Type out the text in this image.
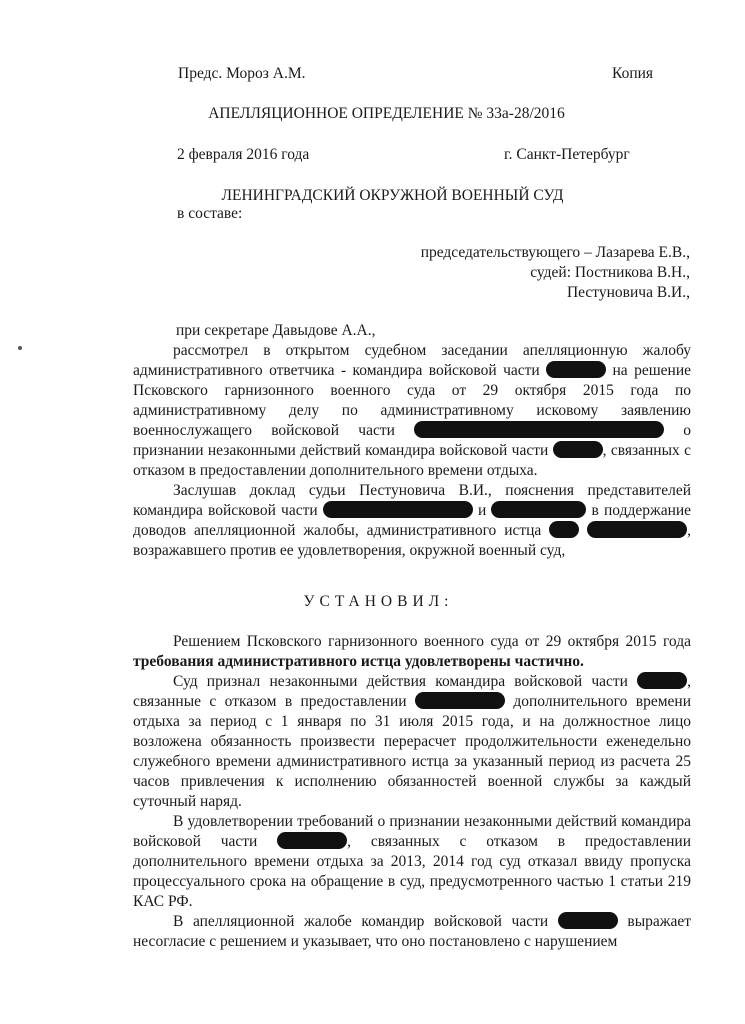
Предс. Мороз А.М.	Копия
АПЕЛЛЯЦИОННОЕ ОПРЕДЕЛЕНИЕ № 33а-28/2016
2 февраля 2016 года	г. Санкт-Петербург
ЛЕНИНГРАДСКИЙ ОКРУЖНОЙ ВОЕННЫЙ СУД
в составе:
председательствующего – Лазарева Е.В.,
судей: Постникова В.Н.,
Пестуновича В.И.,
при секретаре Давыдове А.А.,

рассмотрел в открытом судебном заседании апелляционную жалобу административного ответчика - командира войсковой части	на решение Псковского гарнизонного военного суда от 29 октября 2015 года по административному делу по административному исковому заявлению военнослужащего войсковой части	о признании незаконными действий командира войсковой части	, связанных с отказом в предоставлении дополнительного времени отдыха.

Заслушав доклад судьи Пестуновича В.И., пояснения представителей командира войсковой части	и	в поддержание доводов апелляционной жалобы, административного истца	, возражавшего против ее удовлетворения, окружной военный суд,

УСТАНОВИЛ:

Решением Псковского гарнизонного военного суда от 29 октября 2015 года требования административного истца удовлетворены частично.

Суд признал незаконными действия командира войсковой части	, связанные с отказом в предоставлении	дополнительного времени отдыха за период с 1 января по 31 июля 2015 года, и на должностное лицо возложена обязанность произвести перерасчет продолжительности еженедельно служебного времени административного истца за указанный период из расчета 25 часов привлечения к исполнению обязанностей военной службы за каждый суточный наряд.

В удовлетворении требований о признании незаконными действий командира войсковой части	, связанных с отказом в предоставлении дополнительного времени отдыха за 2013, 2014 год суд отказал ввиду пропуска процессуального срока на обращение в суд, предусмотренного частью 1 статьи 219 КАС РФ.

В апелляционной жалобе командир войсковой части	выражает несогласие с решением и указывает, что оно постановлено с нарушением
